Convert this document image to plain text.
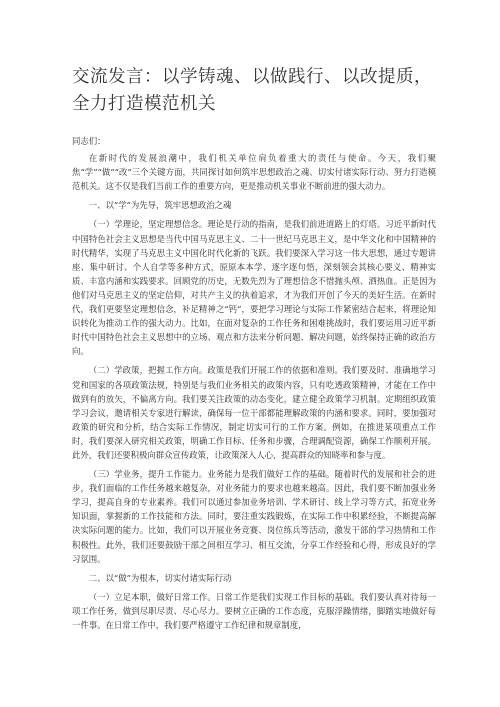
交流发言：以学铸魂、以做践行、以改提质，全力打造模范机关

同志们：

在新时代的发展浪潮中，我们机关单位肩负着重大的责任与使命。今天，我们聚焦“学”“做”“改”三个关键方面，共同探讨如何筑牢思想政治之魂、切实付诸实际行动、努力打造模范机关。这不仅是我们当前工作的重要方向，更是推动机关事业不断前进的强大动力。

一、以“学”为先导，筑牢思想政治之魂

（一）学理论，坚定理想信念。理论是行动的指南，是我们前进道路上的灯塔。习近平新时代中国特色社会主义思想是当代中国马克思主义、二十一世纪马克思主义，是中华文化和中国精神的时代精华，实现了马克思主义中国化时代化新的飞跃。我们要深入学习这一伟大思想，通过专题讲座、集中研讨、个人自学等多种方式，原原本本学、逐字逐句悟，深刻领会其核心要义、精神实质、丰富内涵和实践要求。回顾党的历史，无数先烈为了理想信念不惜抛头颅、洒热血。正是因为他们对马克思主义的坚定信仰，对共产主义的执着追求，才为我们开创了今天的美好生活。在新时代，我们更要坚定理想信念，补足精神之“钙”，要把学习理论与实际工作紧密结合起来，将理论知识转化为推动工作的强大动力。比如，在面对复杂的工作任务和困难挑战时，我们要运用习近平新时代中国特色社会主义思想中的立场、观点和方法来分析问题、解决问题，始终保持正确的政治方向。

（二）学政策，把握工作方向。政策是我们开展工作的依据和准则。我们要及时、准确地学习党和国家的各项政策法规，特别是与我们业务相关的政策内容，只有吃透政策精神，才能在工作中做到有的放矢，不偏离方向。我们要关注政策的动态变化，建立健全政策学习机制。定期组织政策学习会议，邀请相关专家进行解读，确保每一位干部都能理解政策的内涵和要求。同时，要加强对政策的研究和分析，结合实际工作情况，制定切实可行的工作方案。例如，在推进某项重点工作时，我们要深入研究相关政策，明确工作目标、任务和步骤，合理调配资源，确保工作顺利开展。此外，我们还要积极向群众宣传政策，让政策深入人心，提高群众的知晓率和参与度。

（三）学业务，提升工作能力。业务能力是我们做好工作的基础。随着时代的发展和社会的进步，我们面临的工作任务越来越复杂，对业务能力的要求也越来越高。因此，我们要不断加强业务学习，提高自身的专业素养。我们可以通过参加业务培训、学术研讨、线上学习等方式，拓宽业务知识面，掌握新的工作技能和方法。同时，要注重实践锻炼，在实际工作中积累经验，不断提高解决实际问题的能力。比如，我们可以开展业务竞赛、岗位练兵等活动，激发干部的学习热情和工作积极性。此外，我们还要鼓励干部之间相互学习、相互交流，分享工作经验和心得，形成良好的学习氛围。

二、以“做”为根本，切实付诸实际行动

（一）立足本职，做好日常工作。日常工作是我们实现工作目标的基础。我们要认真对待每一项工作任务，做到尽职尽责、尽心尽力。要树立正确的工作态度，克服浮躁情绪，脚踏实地做好每一件事。在日常工作中，我们要严格遵守工作纪律和规章制度，
